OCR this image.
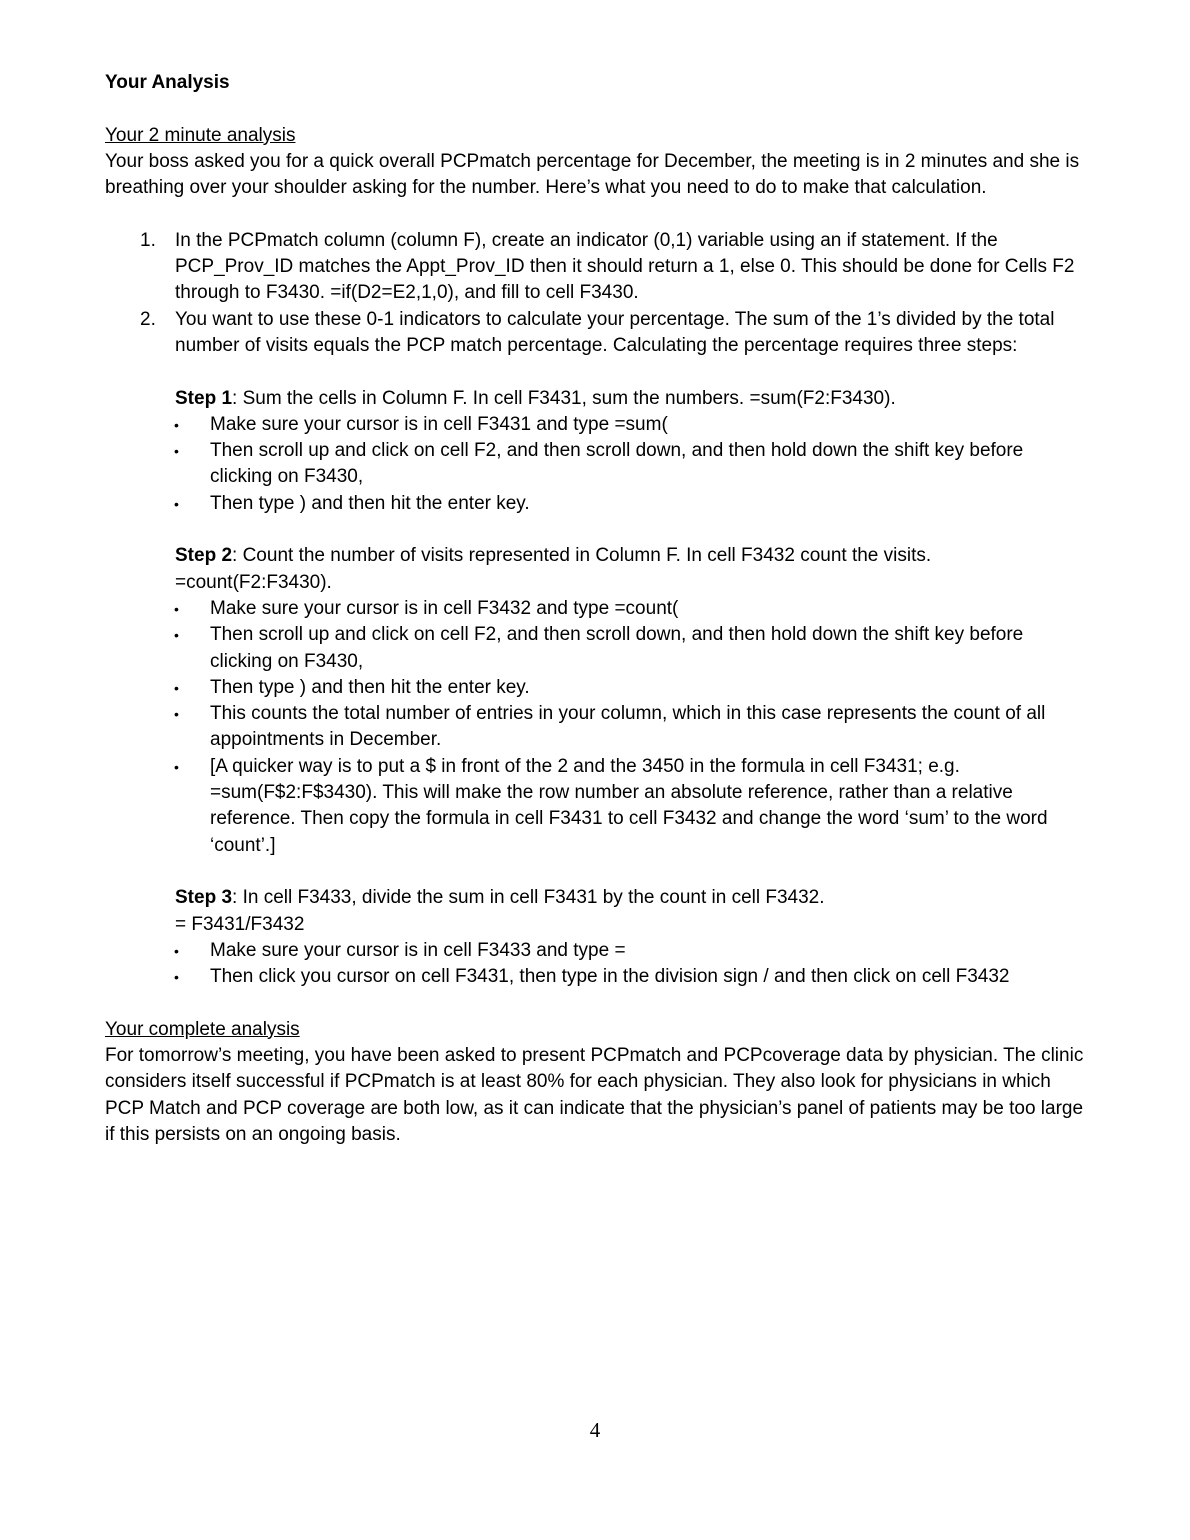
Your Analysis

Your 2 minute analysis

Your boss asked you for a quick overall PCPmatch percentage for December, the meeting is in 2 minutes and she is breathing over your shoulder asking for the number. Here’s what you need to do to make that calculation.

1. In the PCPmatch column (column F), create an indicator (0,1) variable using an if statement. If the PCP_Prov_ID matches the Appt_Prov_ID then it should return a 1, else 0. This should be done for Cells F2 through to F3430. =if(D2=E2,1,0), and fill to cell F3430.
2. You want to use these 0-1 indicators to calculate your percentage. The sum of the 1’s divided by the total number of visits equals the PCP match percentage. Calculating the percentage requires three steps:
Step 1: Sum the cells in Column F. In cell F3431, sum the numbers. =sum(F2:F3430).
• Make sure your cursor is in cell F3431 and type =sum(
• Then scroll up and click on cell F2, and then scroll down, and then hold down the shift key before clicking on F3430,
• Then type ) and then hit the enter key.
Step 2: Count the number of visits represented in Column F. In cell F3432 count the visits. =count(F2:F3430).
• Make sure your cursor is in cell F3432 and type =count(
• Then scroll up and click on cell F2, and then scroll down, and then hold down the shift key before clicking on F3430,
• Then type ) and then hit the enter key.
• This counts the total number of entries in your column, which in this case represents the count of all appointments in December.
• [A quicker way is to put a $ in front of the 2 and the 3450 in the formula in cell F3431; e.g. =sum(F$2:F$3430). This will make the row number an absolute reference, rather than a relative reference. Then copy the formula in cell F3431 to cell F3432 and change the word ‘sum’ to the word ‘count’.]
Step 3: In cell F3433, divide the sum in cell F3431 by the count in cell F3432.
= F3431/F3432
• Make sure your cursor is in cell F3433 and type =
• Then click you cursor on cell F3431, then type in the division sign / and then click on cell F3432

Your complete analysis

For tomorrow’s meeting, you have been asked to present PCPmatch and PCPcoverage data by physician. The clinic considers itself successful if PCPmatch is at least 80% for each physician. They also look for physicians in which PCP Match and PCP coverage are both low, as it can indicate that the physician’s panel of patients may be too large if this persists on an ongoing basis.

4
